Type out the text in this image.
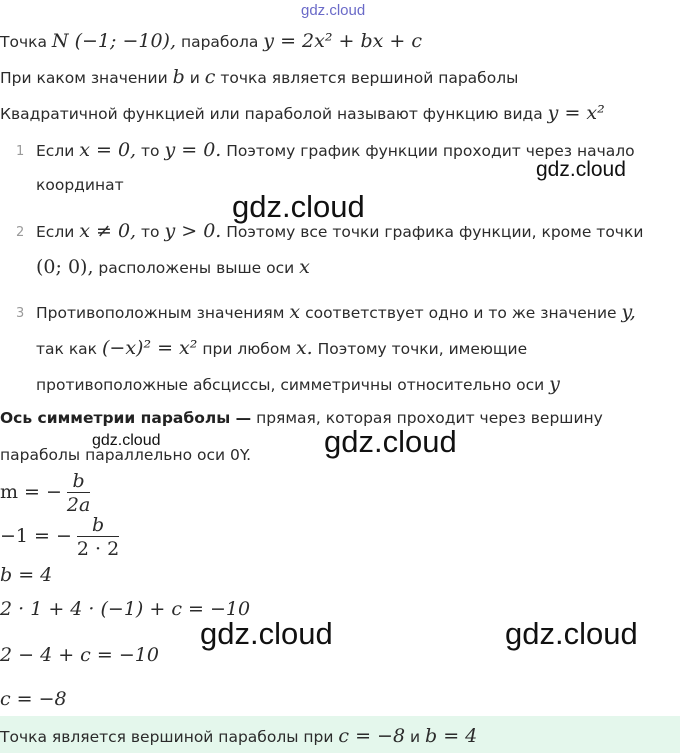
gdz.cloud
Точка N (−1; −10), парабола y = 2x² + bx + c
При каком значении b и c точка является вершиной параболы
Квадратичной функцией или параболой называют функцию вида y = x²
1 Если x = 0, то y = 0. Поэтому график функции проходит через начало
координат
2 Если x ≠ 0, то y > 0. Поэтому все точки графика функции, кроме точки
(0; 0), расположены выше оси x
3 Противоположным значениям x соответствует одно и то же значение y,
так как (−x)² = x² при любом x. Поэтому точки, имеющие
противоположные абсциссы, симметричны относительно оси y
Ось симметрии параболы — прямая, которая проходит через вершину
параболы параллельно оси 0Y.
m = − $\frac{b}{2a}$
−1 = − $\frac{b}{2 \cdot 2}$
b = 4
2 · 1 + 4 · (−1) + c = −10
2 − 4 + c = −10
c = −8
Точка является вершиной параболы при c = −8 и b = 4
gdz.cloud
gdz.cloud
gdz.cloud	gdz.cloud
gdz.cloud	gdz.cloud
